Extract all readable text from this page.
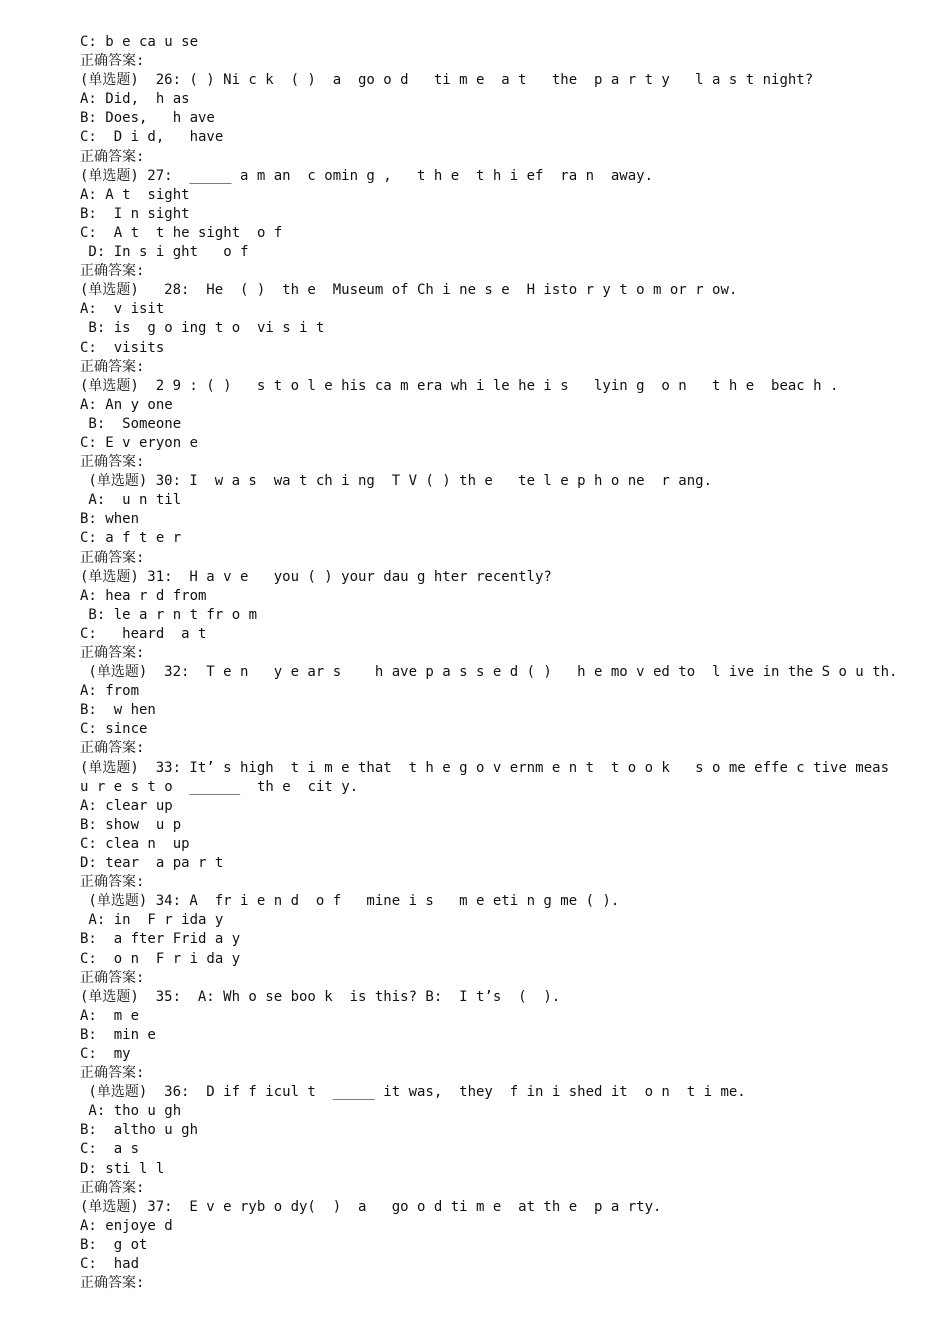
C: b e ca u se
正确答案:
(单选题)  26: ( ) Ni c k  ( )  a  go o d   ti m e  a t   the  p a r t y   l a s t night?
A: Did,  h as
B: Does,   h ave
C:  D i d,   have
正确答案:
(单选题) 27:  _____ a m an  c omin g ,   t h e  t h i ef  ra n  away.
A: A t  sight
B:  I n sight
C:  A t  t he sight  o f
D: In s i ght   o f
正确答案:
(单选题)   28:  He  ( )  th e  Museum of Ch i ne s e  H isto r y t o m or r ow.
A:  v isit
B: is  g o ing t o  vi s i t
C:  visits
正确答案:
(单选题)  2 9 : ( )   s t o l e his ca m era wh i le he i s   lyin g  o n   t h e  beac h .
A: An y one
B:  Someone
C: E v eryon e
正确答案:
(单选题) 30: I  w a s  wa t ch i ng  T V ( ) th e   te l e p h o ne  r ang.
A:  u n til
B: when
C: a f t e r
正确答案:
(单选题) 31:  H a v e   you ( ) your dau g hter recently?
A: hea r d from
B: le a r n t fr o m
C:   heard  a t
正确答案:
(单选题)  32:  T e n   y e ar s    h ave p a s s e d ( )   h e mo v ed to  l ive in the S o u th.
A: from
B:  w hen
C: since
正确答案:
(单选题)  33: It’ s high  t i m e that  t h e g o v ernm e n t  t o o k   s o me effe c tive meas
u r e s t o  ______  th e  cit y.
A: clear up
B: show  u p
C: clea n  up
D: tear  a pa r t
正确答案:
(单选题) 34: A  fr i e n d  o f   mine i s   m e eti n g me ( ).
A: in  F r ida y
B:  a fter Frid a y
C:  o n  F r i da y
正确答案:
(单选题)  35:  A: Wh o se boo k  is this? B:  I t’s  (  ).
A:  m e
B:  min e
C:  my
正确答案:
(单选题)  36:  D if f icul t  _____ it was,  they  f in i shed it  o n  t i me.
A: tho u gh
B:  altho u gh
C:  a s
D: sti l l
正确答案:
(单选题) 37:  E v e ryb o dy(  )  a   go o d ti m e  at th e  p a rty.
A: enjoye d
B:  g ot
C:  had
正确答案:
